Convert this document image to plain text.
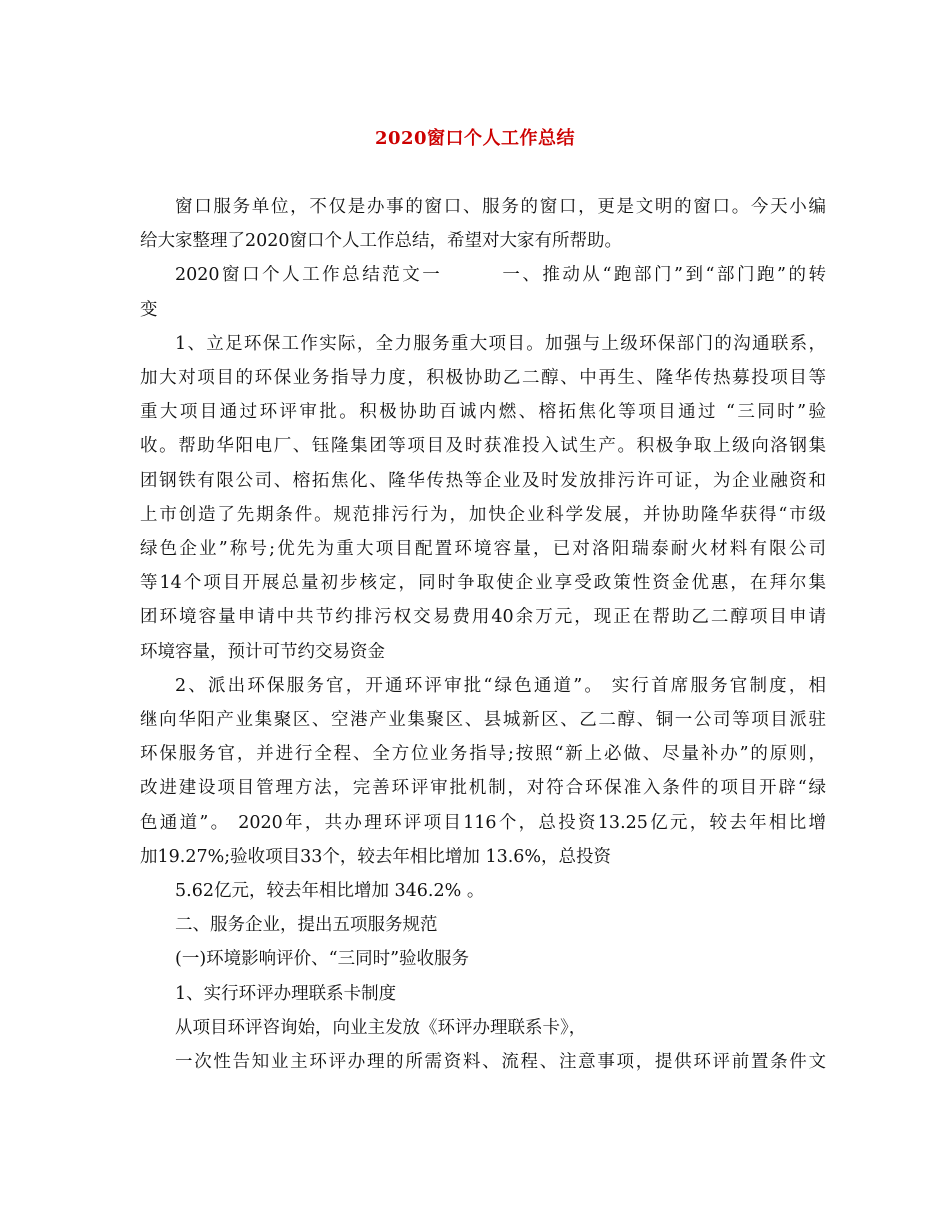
2020窗口个人工作总结
窗口服务单位，不仅是办事的窗口、服务的窗口，更是文明的窗口。今天小编
给大家整理了2020窗口个人工作总结，希望对大家有所帮助。
2020窗口个人工作总结范文一　　　一、推动从“跑部门”到“部门跑”的转
变
1、立足环保工作实际，全力服务重大项目。加强与上级环保部门的沟通联系，
加大对项目的环保业务指导力度，积极协助乙二醇、中再生、隆华传热募投项目等
重大项目通过环评审批。积极协助百诚内燃、榕拓焦化等项目通过 “三同时”验
收。帮助华阳电厂、钰隆集团等项目及时获准投入试生产。积极争取上级向洛钢集
团钢铁有限公司、榕拓焦化、隆华传热等企业及时发放排污许可证，为企业融资和
上市创造了先期条件。规范排污行为，加快企业科学发展，并协助隆华获得“市级
绿色企业”称号;优先为重大项目配置环境容量，已对洛阳瑞泰耐火材料有限公司
等14个项目开展总量初步核定，同时争取使企业享受政策性资金优惠，在拜尔集
团环境容量申请中共节约排污权交易费用40余万元，现正在帮助乙二醇项目申请
环境容量，预计可节约交易资金
2、派出环保服务官，开通环评审批“绿色通道”。 实行首席服务官制度，相
继向华阳产业集聚区、空港产业集聚区、县城新区、乙二醇、铜一公司等项目派驻
环保服务官，并进行全程、全方位业务指导;按照“新上必做、尽量补办”的原则，
改进建设项目管理方法，完善环评审批机制，对符合环保准入条件的项目开辟“绿
色通道”。 2020年，共办理环评项目116个，总投资13.25亿元，较去年相比增
加19.27%;验收项目33个，较去年相比增加 13.6%，总投资
5.62亿元，较去年相比增加 346.2% 。
二、服务企业，提出五项服务规范
(一)环境影响评价、“三同时”验收服务
1、实行环评办理联系卡制度
从项目环评咨询始，向业主发放《环评办理联系卡》，
一次性告知业主环评办理的所需资料、流程、注意事项，提供环评前置条件文
